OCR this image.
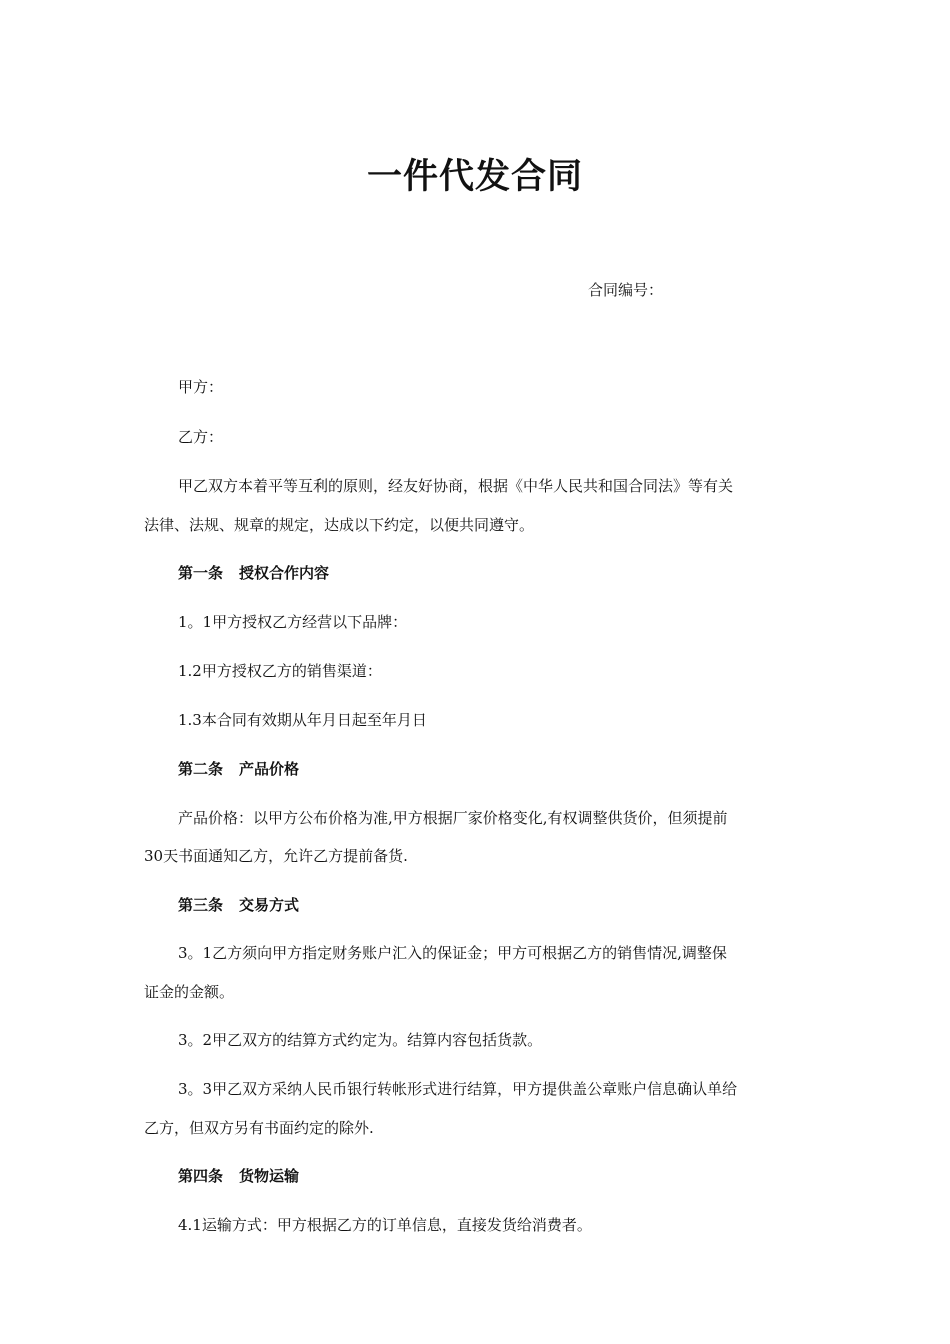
一件代发合同
合同编号：
甲方：
乙方：
甲乙双方本着平等互利的原则，经友好协商，根据《中华人民共和国合同法》等有关
法律、法规、规章的规定，达成以下约定，以便共同遵守。
第一条 授权合作内容
1。1甲方授权乙方经营以下品牌：
1.2甲方授权乙方的销售渠道：
1.3本合同有效期从年月日起至年月日
第二条 产品价格
产品价格：以甲方公布价格为准,甲方根据厂家价格变化,有权调整供货价，但须提前
30天书面通知乙方，允许乙方提前备货.
第三条 交易方式
3。1乙方须向甲方指定财务账户汇入的保证金；甲方可根据乙方的销售情况,调整保
证金的金额。
3。2甲乙双方的结算方式约定为。结算内容包括货款。
3。3甲乙双方采纳人民币银行转帐形式进行结算，甲方提供盖公章账户信息确认单给
乙方，但双方另有书面约定的除外.
第四条 货物运输
4.1运输方式：甲方根据乙方的订单信息，直接发货给消费者。
